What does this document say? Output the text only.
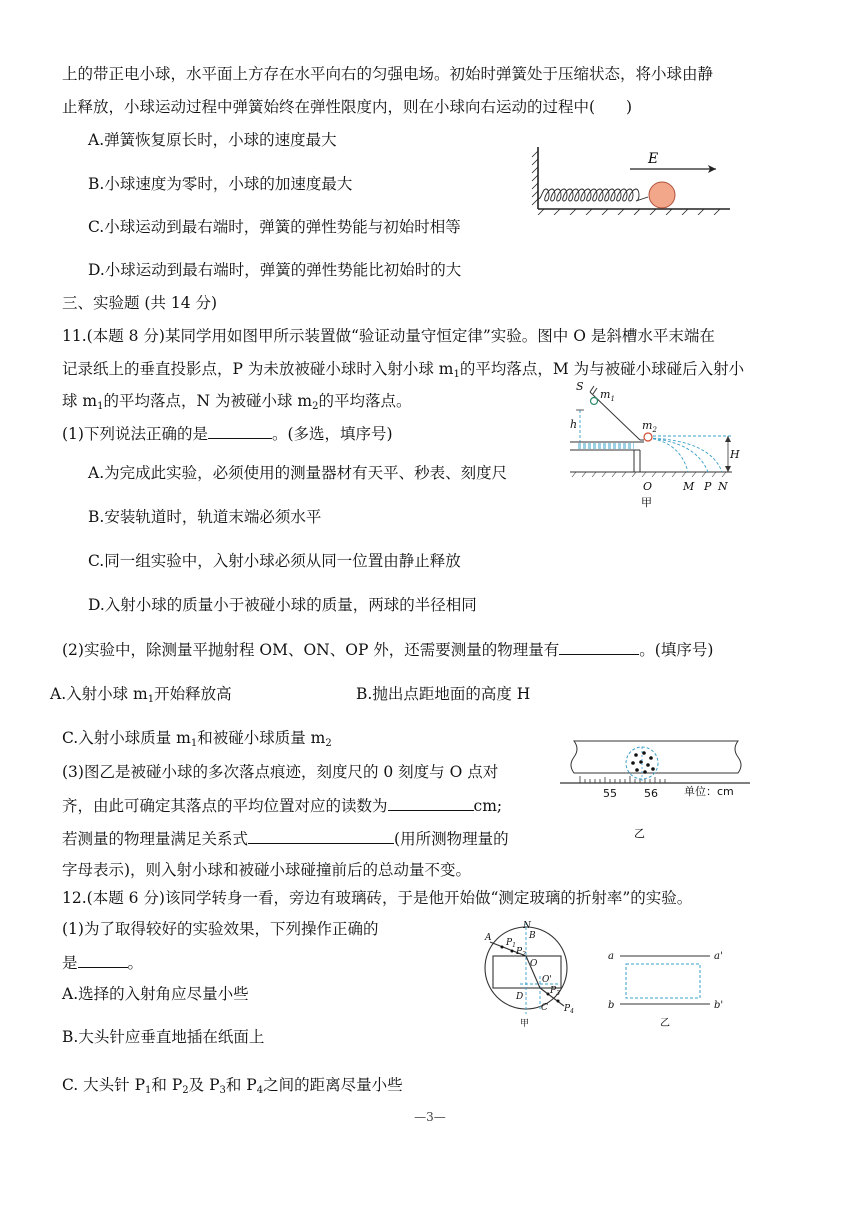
上的带正电小球，水平面上方存在水平向右的匀强电场。初始时弹簧处于压缩状态，将小球由静
止释放，小球运动过程中弹簧始终在弹性限度内，则在小球向右运动的过程中(　　)
A.弹簧恢复原长时，小球的速度最大
B.小球速度为零时，小球的加速度最大
C.小球运动到最右端时，弹簧的弹性势能与初始时相等
D.小球运动到最右端时，弹簧的弹性势能比初始时的大
E
三、实验题 (共 14 分)
11.(本题 8 分)某同学用如图甲所示装置做“验证动量守恒定律”实验。图中 O 是斜槽水平末端在
记录纸上的垂直投影点，P 为未放被碰小球时入射小球 $m_1$的平均落点，M 为与被碰小球碰后入射小
球 $m_1$的平均落点，N 为被碰小球 $m_2$的平均落点。
(1)下列说法正确的是	。(多选，填序号)
A.为完成此实验，必须使用的测量器材有天平、秒表、刻度尺
B.安装轨道时，轨道末端必须水平
C.同一组实验中，入射小球必须从同一位置由静止释放
D.入射小球的质量小于被碰小球的质量，两球的半径相同
S
$m_1$
$m_2$
h
H
O	M P N
甲
(2)实验中，除测量平抛射程 OM、ON、OP 外，还需要测量的物理量有	。(填序号)
A.入射小球 $m_1$开始释放高	B.抛出点距地面的高度 H
C.入射小球质量 $m_1$和被碰小球质量 $m_2$
(3)图乙是被碰小球的多次落点痕迹，刻度尺的 0 刻度与 O 点对
齐，由此可确定其落点的平均位置对应的读数为	cm;
若测量的物理量满足关系式	(用所测物理量的
字母表示)，则入射小球和被碰小球碰撞前后的总动量不变。
55 56 单位：cm
乙
12.(本题 6 分)该同学转身一看，旁边有玻璃砖，于是他开始做“测定玻璃的折射率”的实验。
(1)为了取得较好的实验效果，下列操作正确的
是	。
A.选择的入射角应尽量小些
B.大头针应垂直地插在纸面上
C. 大头针 $P_1$和 $P_2$及 $P_3$和 $P_4$之间的距离尽量小些
N
A	B
$P_1$
$P_2$
O
O'
D
C
$P_3$
$P_4$
甲
a	a'
b	b'
乙
—3—
